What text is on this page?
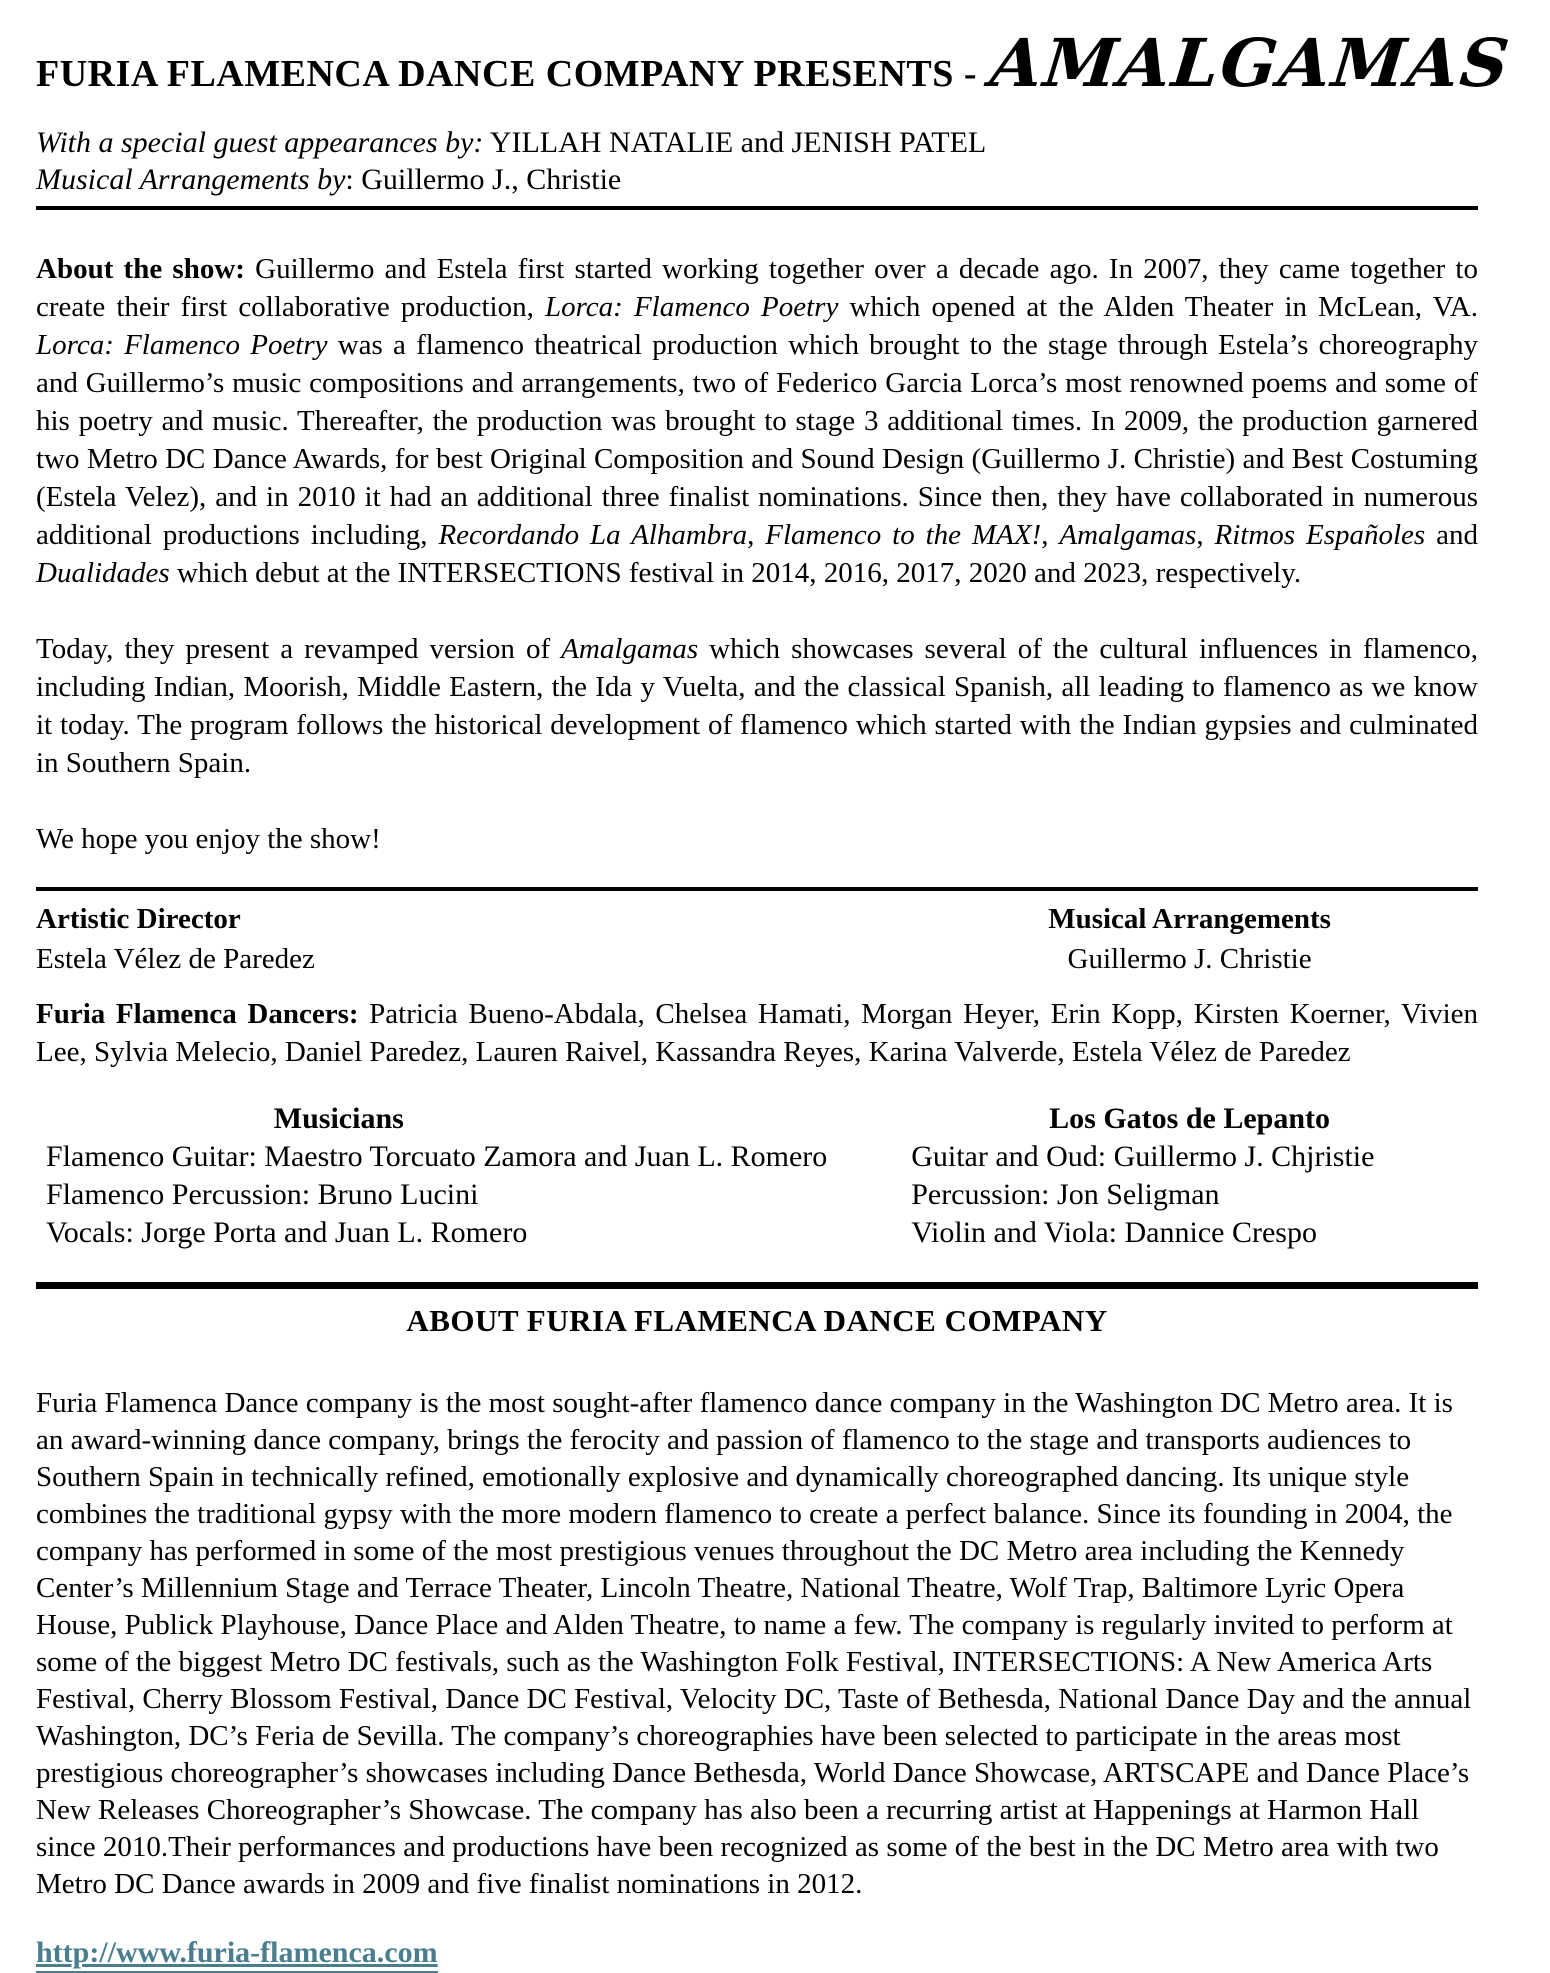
FURIA FLAMENCA DANCE COMPANY PRESENTS - AMALGAMAS
With a special guest appearances by: YILLAH NATALIE and JENISH PATEL
Musical Arrangements by: Guillermo J., Christie

About the show: Guillermo and Estela first started working together over a decade ago. In 2007, they came together to create their first collaborative production, Lorca: Flamenco Poetry which opened at the Alden Theater in McLean, VA. Lorca: Flamenco Poetry was a flamenco theatrical production which brought to the stage through Estela’s choreography and Guillermo’s music compositions and arrangements, two of Federico Garcia Lorca’s most renowned poems and some of his poetry and music. Thereafter, the production was brought to stage 3 additional times. In 2009, the production garnered two Metro DC Dance Awards, for best Original Composition and Sound Design (Guillermo J. Christie) and Best Costuming (Estela Velez), and in 2010 it had an additional three finalist nominations. Since then, they have collaborated in numerous additional productions including, Recordando La Alhambra, Flamenco to the MAX!, Amalgamas, Ritmos Españoles and Dualidades which debut at the INTERSECTIONS festival in 2014, 2016, 2017, 2020 and 2023, respectively.

Today, they present a revamped version of Amalgamas which showcases several of the cultural influences in flamenco, including Indian, Moorish, Middle Eastern, the Ida y Vuelta, and the classical Spanish, all leading to flamenco as we know it today. The program follows the historical development of flamenco which started with the Indian gypsies and culminated in Southern Spain.

We hope you enjoy the show!

Artistic Director
Estela Vélez de Paredez
Musical Arrangements
Guillermo J. Christie

Furia Flamenca Dancers: Patricia Bueno-Abdala, Chelsea Hamati, Morgan Heyer, Erin Kopp, Kirsten Koerner, Vivien Lee, Sylvia Melecio, Daniel Paredez, Lauren Raivel, Kassandra Reyes, Karina Valverde, Estela Vélez de Paredez

Musicians
Flamenco Guitar: Maestro Torcuato Zamora and Juan L. Romero
Flamenco Percussion: Bruno Lucini
Vocals: Jorge Porta and Juan L. Romero
Los Gatos de Lepanto
Guitar and Oud: Guillermo J. Chjristie
Percussion: Jon Seligman
Violin and Viola: Dannice Crespo
ABOUT FURIA FLAMENCA DANCE COMPANY

Furia Flamenca Dance company is the most sought-after flamenco dance company in the Washington DC Metro area. It is an award-winning dance company, brings the ferocity and passion of flamenco to the stage and transports audiences to Southern Spain in technically refined, emotionally explosive and dynamically choreographed dancing. Its unique style combines the traditional gypsy with the more modern flamenco to create a perfect balance. Since its founding in 2004, the company has performed in some of the most prestigious venues throughout the DC Metro area including the Kennedy Center’s Millennium Stage and Terrace Theater, Lincoln Theatre, National Theatre, Wolf Trap, Baltimore Lyric Opera House, Publick Playhouse, Dance Place and Alden Theatre, to name a few. The company is regularly invited to perform at some of the biggest Metro DC festivals, such as the Washington Folk Festival, INTERSECTIONS: A New America Arts Festival, Cherry Blossom Festival, Dance DC Festival, Velocity DC, Taste of Bethesda, National Dance Day and the annual Washington, DC’s Feria de Sevilla. The company’s choreographies have been selected to participate in the areas most prestigious choreographer’s showcases including Dance Bethesda, World Dance Showcase, ARTSCAPE and Dance Place’s New Releases Choreographer’s Showcase. The company has also been a recurring artist at Happenings at Harmon Hall since 2010.Their performances and productions have been recognized as some of the best in the DC Metro area with two Metro DC Dance awards in 2009 and five finalist nominations in 2012.

http://www.furia-flamenca.com
